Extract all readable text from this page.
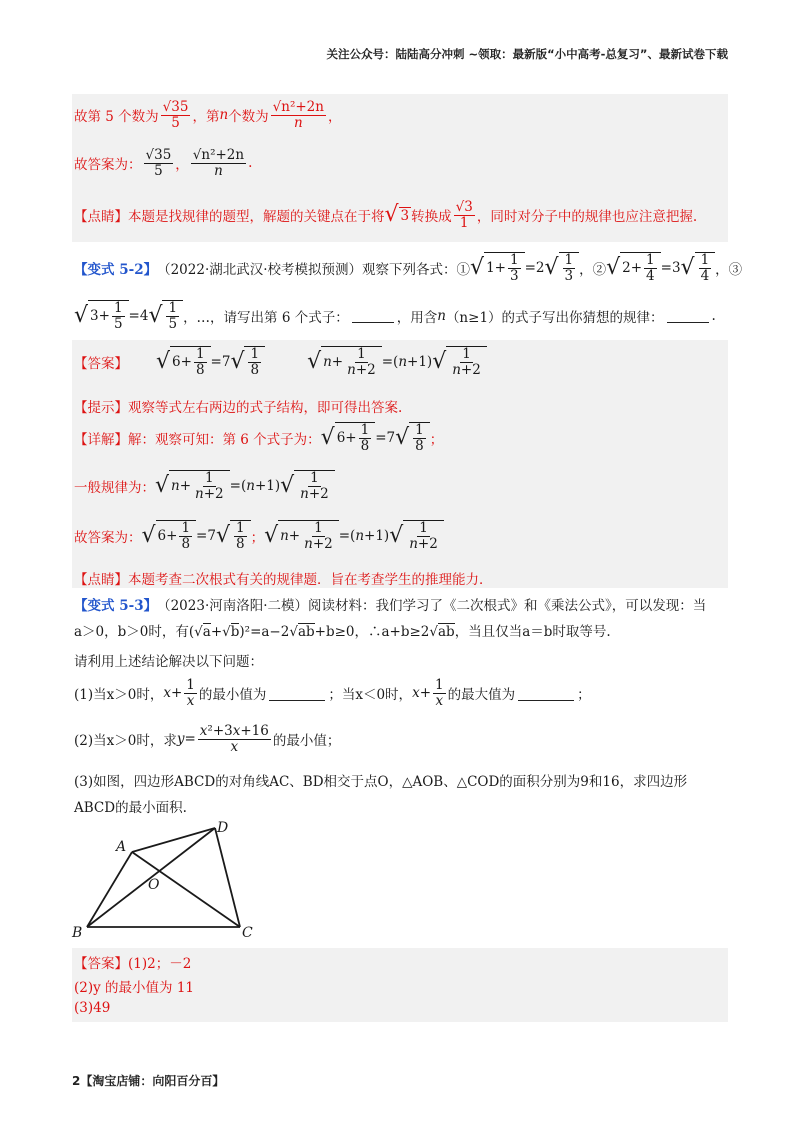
关注公众号：陆陆高分冲刺 ~领取：最新版“小中高考-总复习”、最新试卷下载
故第 5 个数为 $\frac{√35}{5}$ ，第 n 个数为 $\frac{\text{√n²+2n}}{n}$ ，
故答案为： $\frac{√35}{5}$ ， $\frac{\text{√n²+2n}}{n}$ .
【点睛】 本题是找规律的题型，解题的关键点在于将 √ 3 转换成 $\frac{√3}{1}$ ，同时对分子中的规律也应注意把握.
【变式 5-2】 （2022·湖北武汉·校考模拟预测） 观察下列各式：① √ $1+ \frac{1}{3} =2$ √ $\frac{1}{3}$ ，② √ $2+ \frac{1}{4} =3$ √ $\frac{1}{4}$ ，③
√ $3+ \frac{1}{5} =4$ √ $\frac{1}{5}$ ，…，请写出第 6 个式子：	，用含 n （n≥1）的式子写出你猜想的规律：	.
【答案】 √ $6+ \frac{1}{8} =7$ √ $\frac{1}{8}$ √ $n + \frac{1}{n+2} =(n+1)$ √ $\frac{1}{n+2}$
【提示】 观察等式左右两边的式子结构，即可得出答案.
【详解】 解：观察可知：第 6 个式子为： √ $6+ \frac{1}{8} =7$ √ $\frac{1}{8}$ ；
一般规律为： √ $n + \frac{1}{n+2} =(n+1)$ √ $\frac{1}{n+2}$
故答案为： √ $6+ \frac{1}{8} =7$ √ $\frac{1}{8}$ ； √ $n + \frac{1}{n+2} =(n+1)$ √ $\frac{1}{n+2}$
【点睛】 本题考查二次根式有关的规律题．旨在考查学生的推理能力．
【变式 5-3】 （2023·河南洛阳·二模） 阅读材料：我们学习了《二次根式》和《乘法公式》，可以发现：当
a＞0，b＞0时，有 (√a+√b)²=a−2√ab+b≥0，∴a+b≥2√ab ，当且仅当a＝b时取等号.
请利用上述结论解决以下问题：
(1)当x＞0时， $x + \frac{1}{x}$ 的最小值为	；当x＜0时， $x + \frac{1}{x}$ 的最大值为	；
(2)当x＞0时，求 $y = \frac{\text{x²+3x+16}}{x}$ 的最小值；
(3)如图，四边形ABCD的对角线AC、BD相交于点O，△AOB、△COD的面积分别为9和16，求四边形
ABCD的最小面积.
A
D
O
B	C
【答案】 (1)2；－2
(2)y 的最小值为 11
(3)49
2【淘宝店铺：向阳百分百】
